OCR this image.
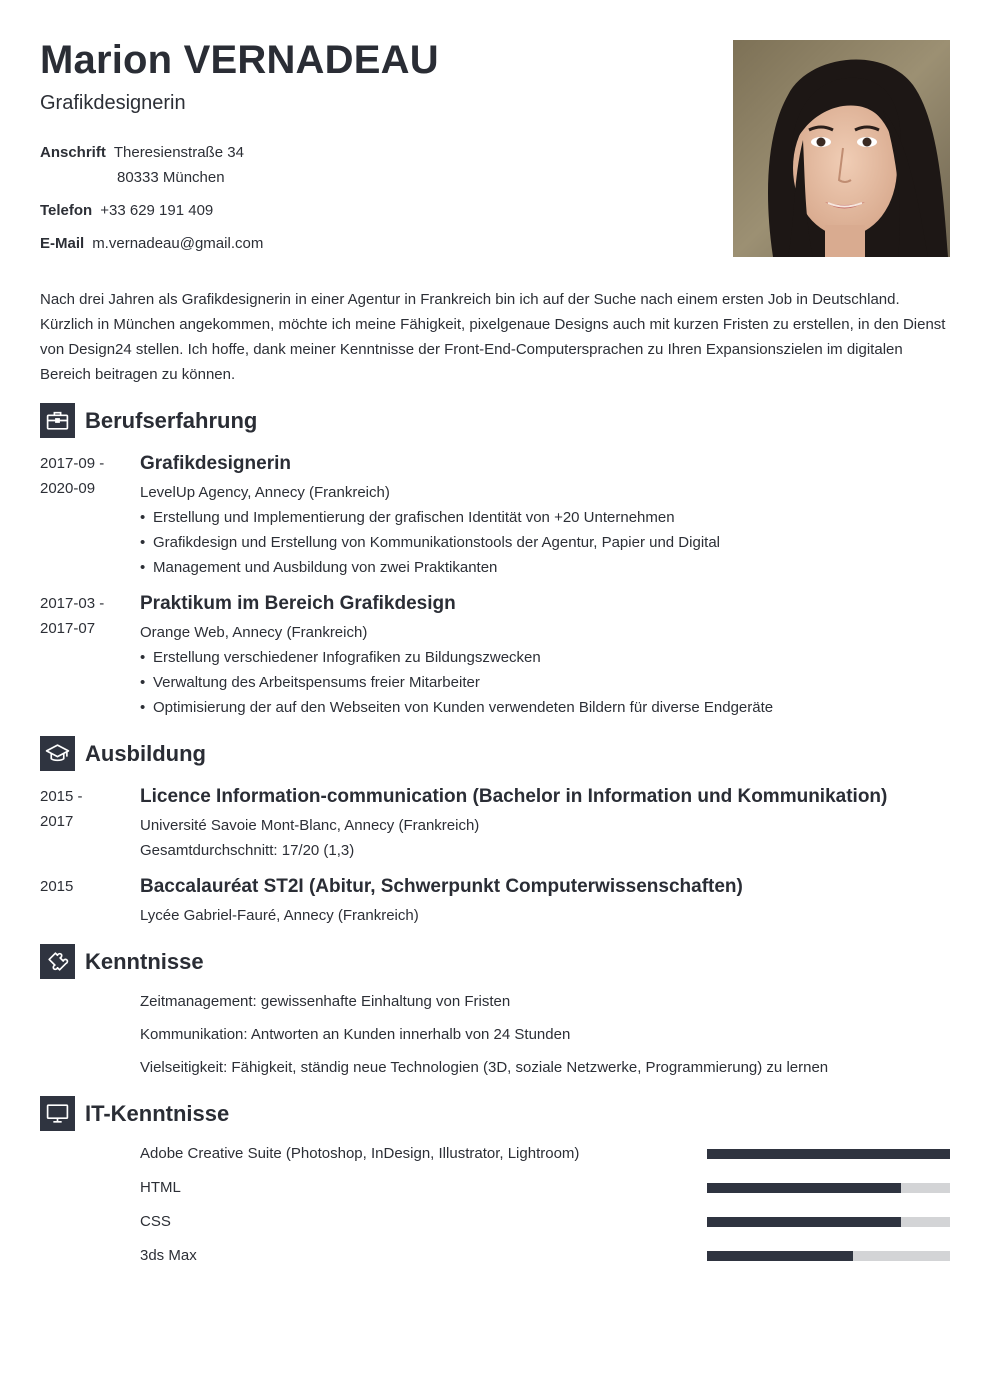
Marion VERNADEAU
Grafikdesignerin
Anschrift Theresienstraße 34
80333 München
Telefon +33 629 191 409
E-Mail m.vernadeau@gmail.com
Nach drei Jahren als Grafikdesignerin in einer Agentur in Frankreich bin ich auf der Suche nach einem ersten Job in Deutschland. Kürzlich in München angekommen, möchte ich meine Fähigkeit, pixelgenaue Designs auch mit kurzen Fristen zu erstellen, in den Dienst von Design24 stellen. Ich hoffe, dank meiner Kenntnisse der Front-End-Computersprachen zu Ihren Expansionszielen im digitalen Bereich beitragen zu können.
Berufserfahrung
2017-09 -
2020-09
Grafikdesignerin
LevelUp Agency, Annecy (Frankreich)
• Erstellung und Implementierung der grafischen Identität von +20 Unternehmen
• Grafikdesign und Erstellung von Kommunikationstools der Agentur, Papier und Digital
• Management und Ausbildung von zwei Praktikanten
2017-03 -
2017-07
Praktikum im Bereich Grafikdesign
Orange Web, Annecy (Frankreich)
• Erstellung verschiedener Infografiken zu Bildungszwecken
• Verwaltung des Arbeitspensums freier Mitarbeiter
• Optimisierung der auf den Webseiten von Kunden verwendeten Bildern für diverse Endgeräte
Ausbildung
2015 -
2017
Licence Information-communication (Bachelor in Information und Kommunikation)
Université Savoie Mont-Blanc, Annecy (Frankreich)
Gesamtdurchschnitt: 17/20 (1,3)
2015	Baccalauréat ST2I (Abitur, Schwerpunkt Computerwissenschaften)
Lycée Gabriel-Fauré, Annecy (Frankreich)
Kenntnisse
Zeitmanagement: gewissenhafte Einhaltung von Fristen
Kommunikation: Antworten an Kunden innerhalb von 24 Stunden
Vielseitigkeit: Fähigkeit, ständig neue Technologien (3D, soziale Netzwerke, Programmierung) zu lernen
IT-Kenntnisse
Adobe Creative Suite (Photoshop, InDesign, Illustrator, Lightroom)
HTML
CSS
3ds Max
